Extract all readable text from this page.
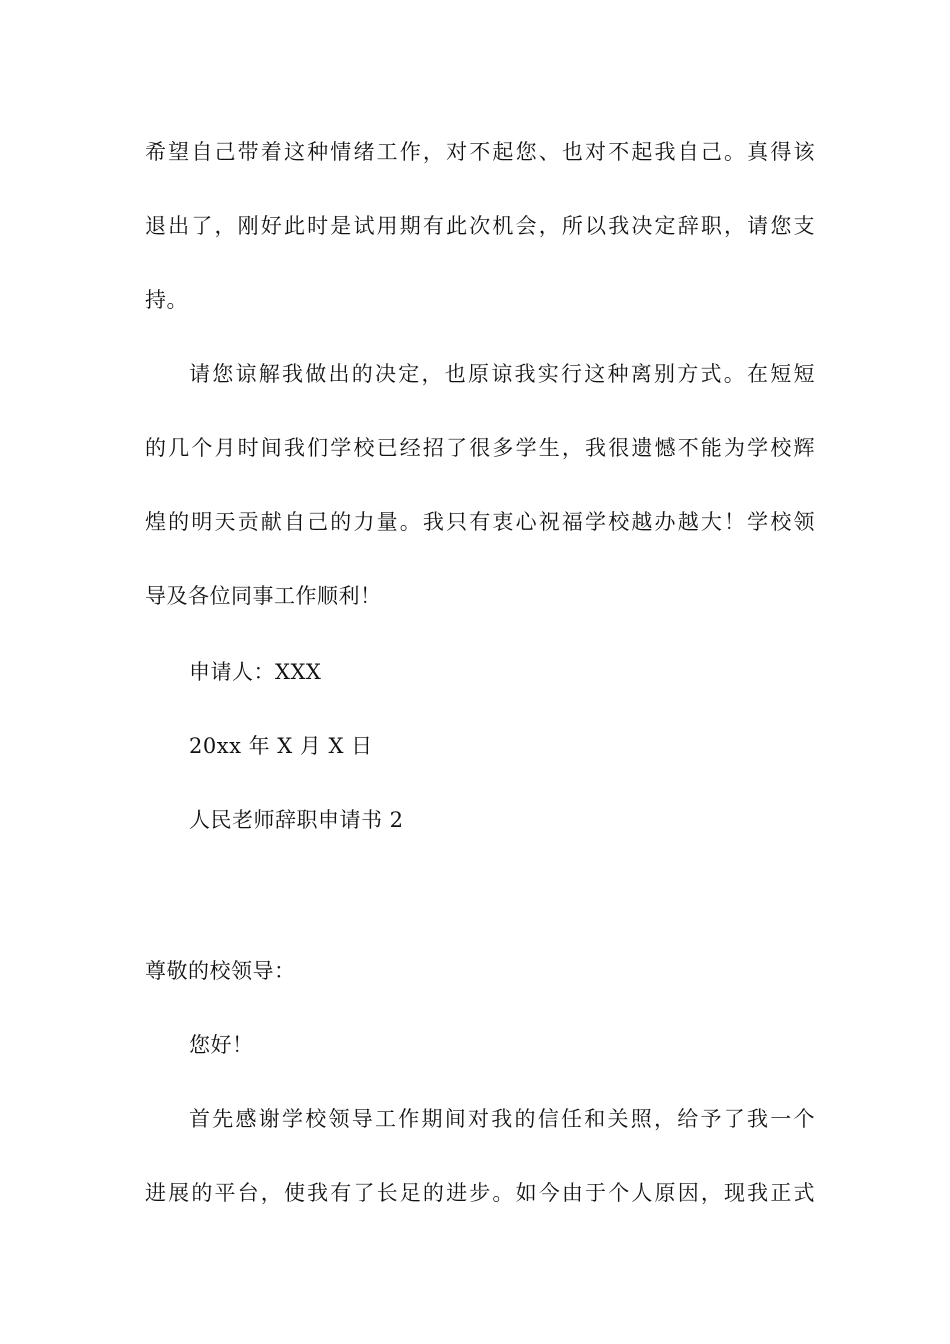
希望自己带着这种情绪工作，对不起您、也对不起我自己。真得该
退出了，刚好此时是试用期有此次机会，所以我决定辞职，请您支
持。
请您谅解我做出的决定，也原谅我实行这种离别方式。在短短
的几个月时间我们学校已经招了很多学生，我很遗憾不能为学校辉
煌的明天贡献自己的力量。我只有衷心祝福学校越办越大！学校领
导及各位同事工作顺利！
申请人：XXX
20xx 年 X 月 X 日
人民老师辞职申请书 2
尊敬的校领导：
您好！
首先感谢学校领导工作期间对我的信任和关照，给予了我一个
进展的平台，使我有了长足的进步。如今由于个人原因，现我正式
